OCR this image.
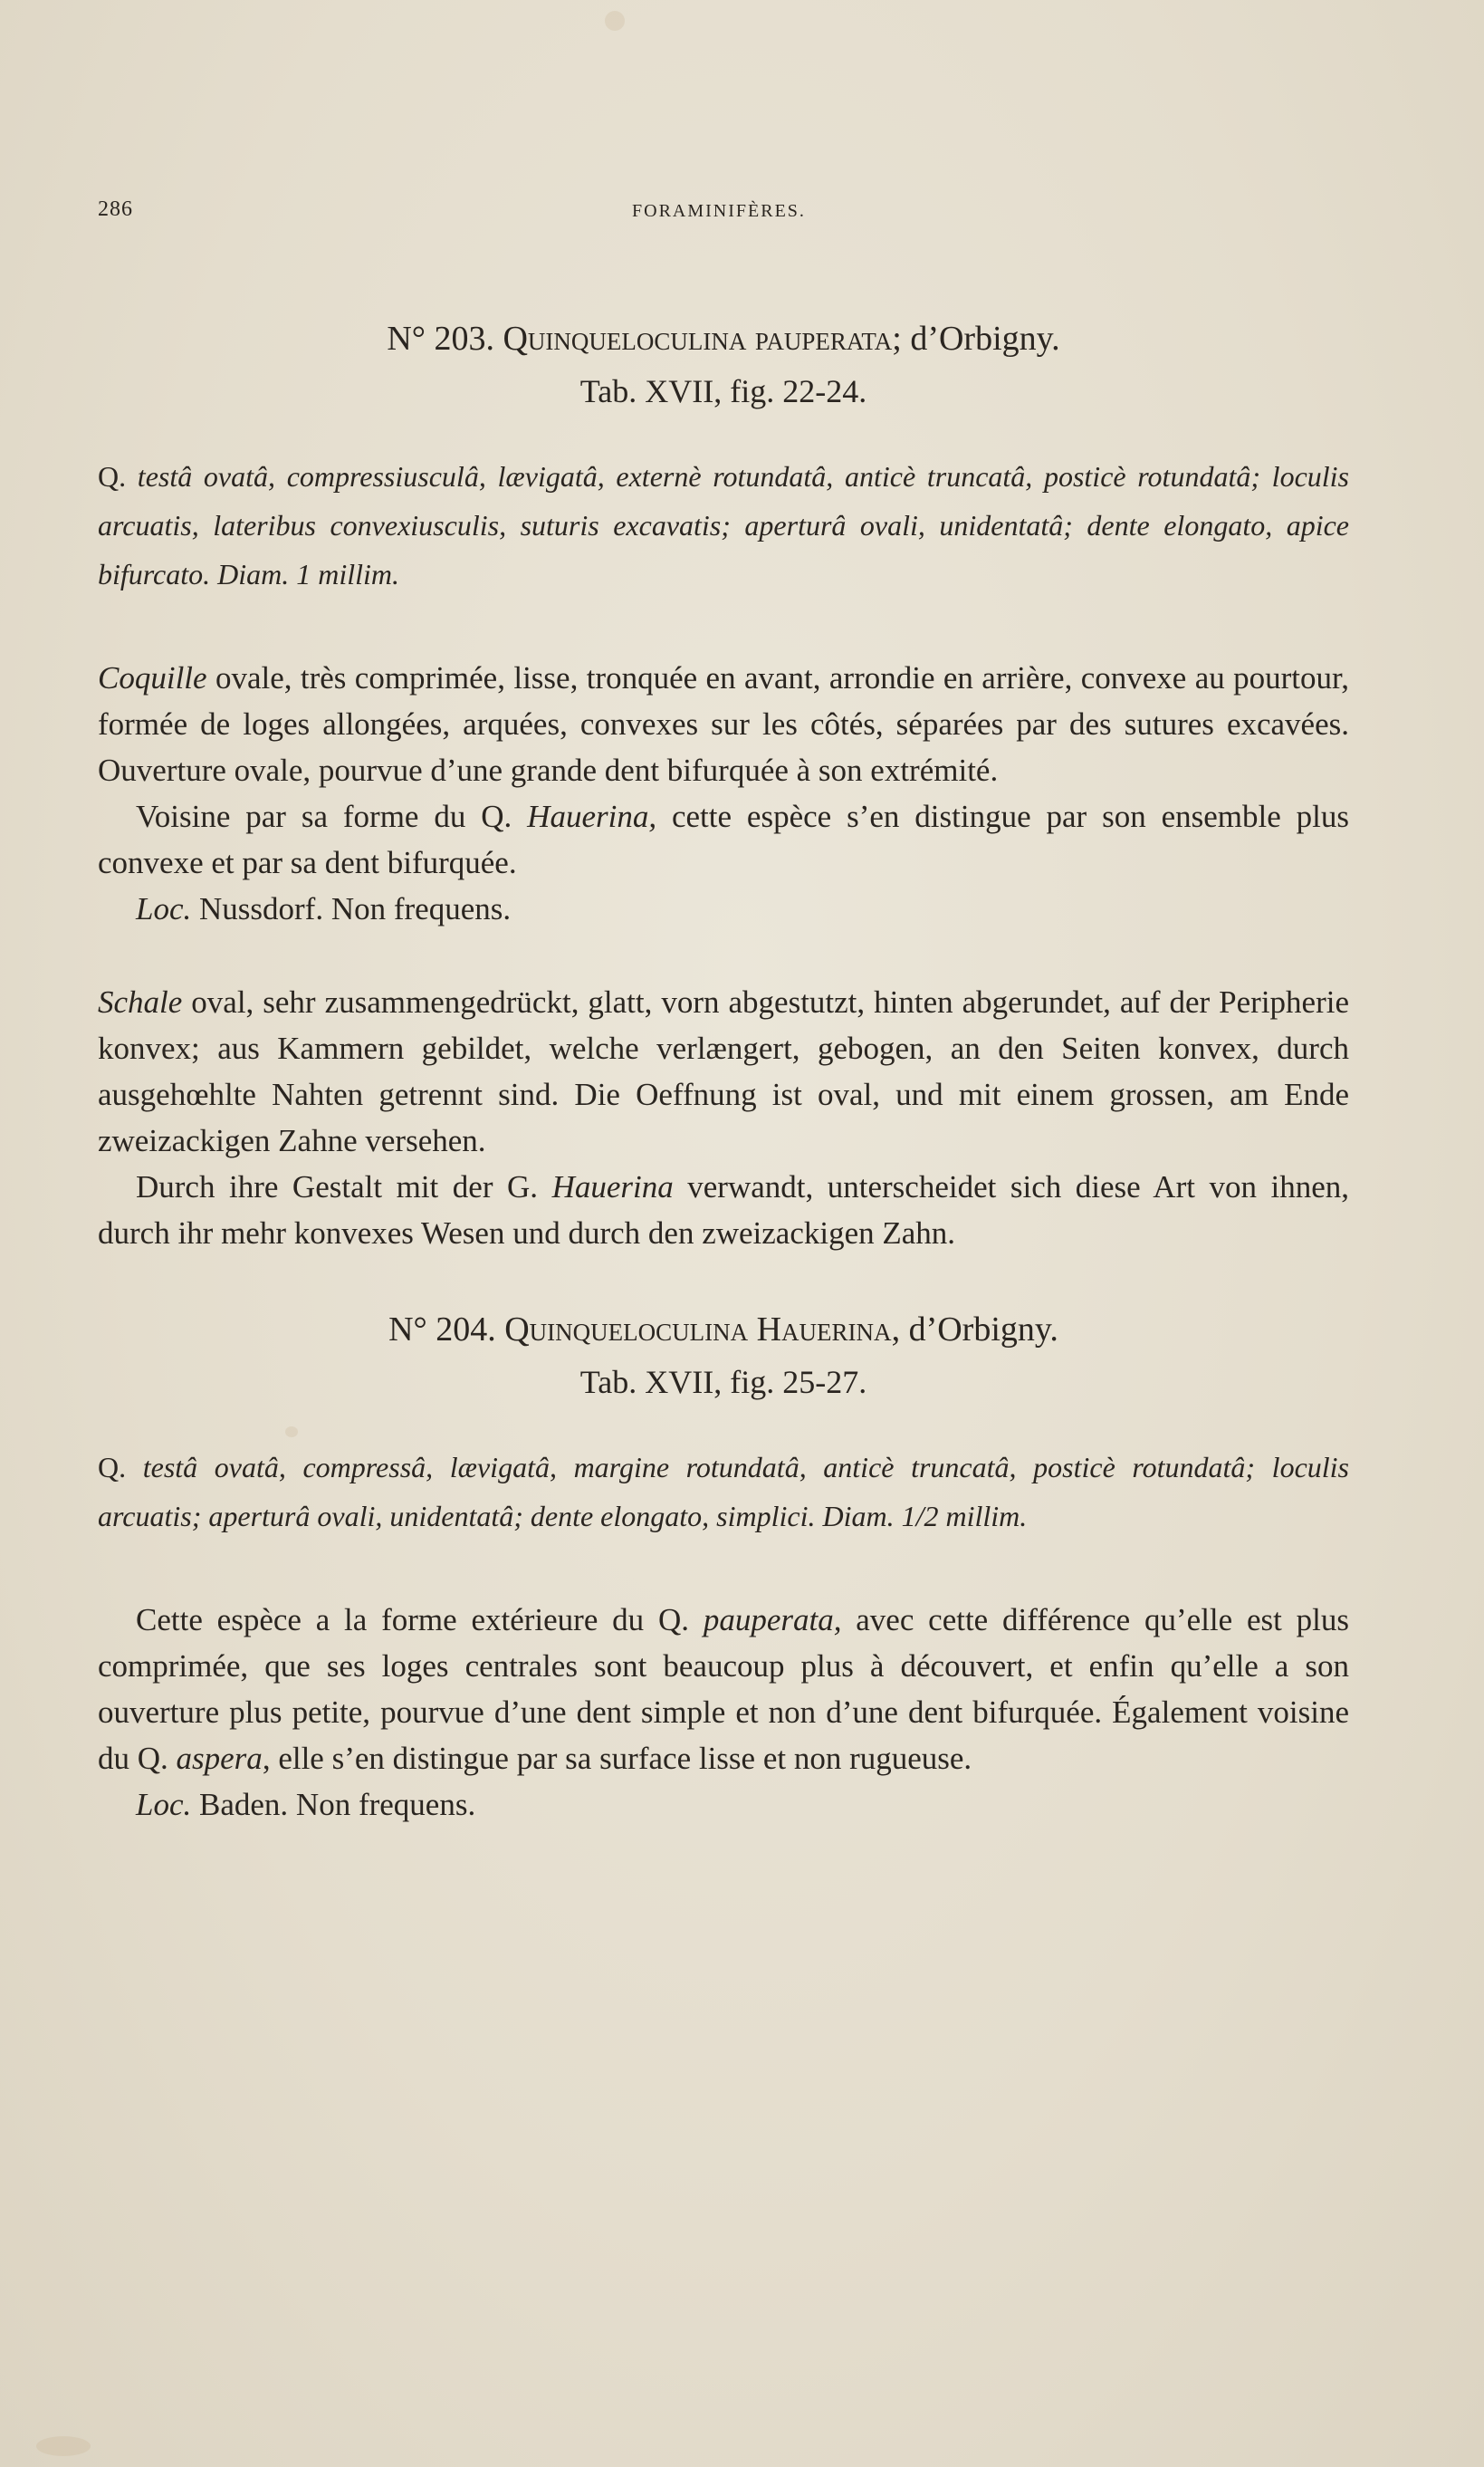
286	FORAMINIFÈRES.

N° 203. Quinqueloculina pauperata; d’Orbigny.

Tab. XVII, fig. 22-24.

Q. testâ ovatâ, compressiusculâ, lævigatâ, externè rotundatâ, anticè truncatâ, posticè rotundatâ; loculis arcuatis, lateribus convexiusculis, suturis excavatis; aperturâ ovali, unidentatâ; dente elongato, apice bifurcato. Diam. 1 millim.

Coquille ovale, très comprimée, lisse, tronquée en avant, arrondie en arrière, convexe au pourtour, formée de loges allongées, arquées, convexes sur les côtés, séparées par des sutures excavées. Ouverture ovale, pourvue d’une grande dent bifurquée à son extrémité.

Voisine par sa forme du Q. Hauerina, cette espèce s’en distingue par son ensemble plus convexe et par sa dent bifurquée.

Loc. Nussdorf. Non frequens.

Schale oval, sehr zusammengedrückt, glatt, vorn abgestutzt, hinten abgerundet, auf der Peripherie konvex; aus Kammern gebildet, welche verlængert, gebogen, an den Seiten konvex, durch ausgehœhlte Nahten getrennt sind. Die Oeffnung ist oval, und mit einem grossen, am Ende zweizackigen Zahne versehen.

Durch ihre Gestalt mit der G. Hauerina verwandt, unterscheidet sich diese Art von ihnen, durch ihr mehr konvexes Wesen und durch den zweizackigen Zahn.

N° 204. Quinqueloculina Hauerina, d’Orbigny.

Tab. XVII, fig. 25-27.

Q. testâ ovatâ, compressâ, lævigatâ, margine rotundatâ, anticè truncatâ, posticè rotundatâ; loculis arcuatis; aperturâ ovali, unidentatâ; dente elongato, simplici. Diam. 1/2 millim.

Cette espèce a la forme extérieure du Q. pauperata, avec cette différence qu’elle est plus comprimée, que ses loges centrales sont beaucoup plus à découvert, et enfin qu’elle a son ouverture plus petite, pourvue d’une dent simple et non d’une dent bifurquée. Également voisine du Q. aspera, elle s’en distingue par sa surface lisse et non rugueuse.

Loc. Baden. Non frequens.
